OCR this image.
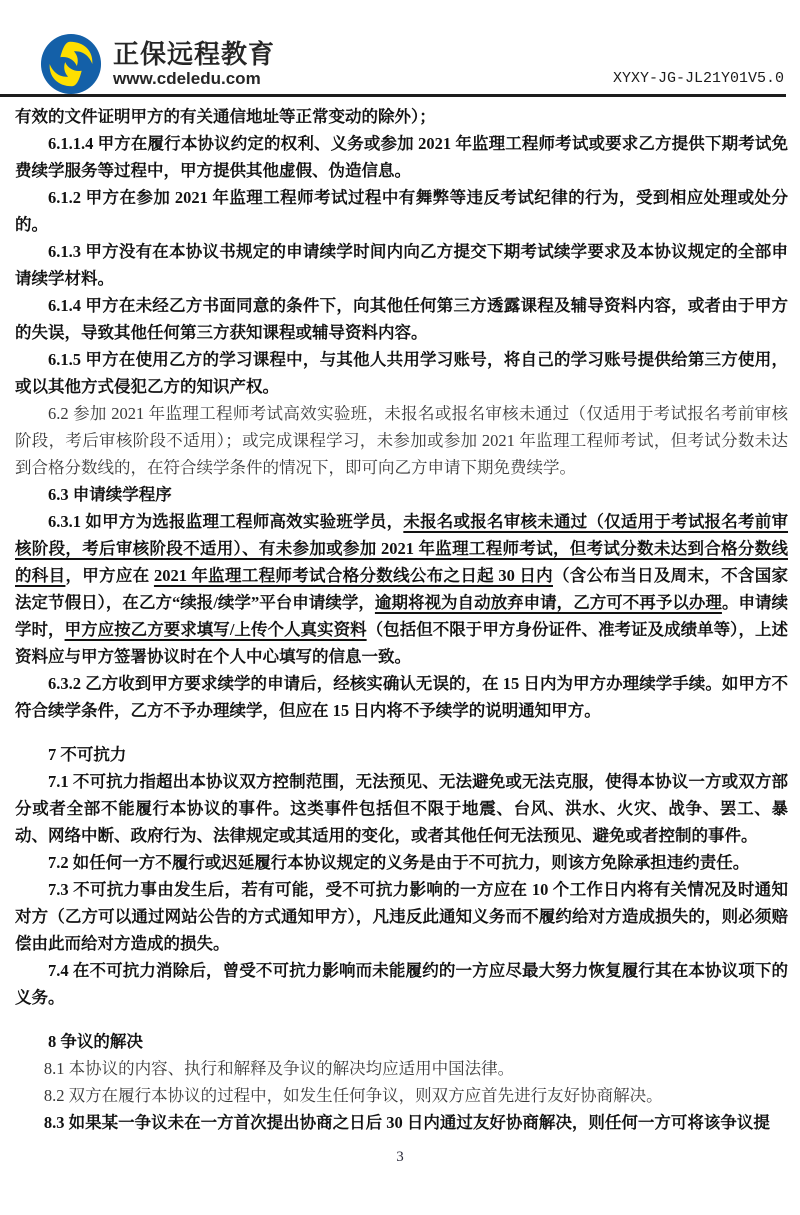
正保远程教育
www.cdeledu.com	XYXY-JG-JL21Y01V5.0

有效的文件证明甲方的有关通信地址等正常变动的除外）；

6.1.1.4 甲方在履行本协议约定的权利、义务或参加 2021 年监理工程师考试或要求乙方提供下期考试免费续学服务等过程中，甲方提供其他虚假、伪造信息。

6.1.2 甲方在参加 2021 年监理工程师考试过程中有舞弊等违反考试纪律的行为，受到相应处理或处分的。

6.1.3 甲方没有在本协议书规定的申请续学时间内向乙方提交下期考试续学要求及本协议规定的全部申请续学材料。

6.1.4 甲方在未经乙方书面同意的条件下，向其他任何第三方透露课程及辅导资料内容，或者由于甲方的失误，导致其他任何第三方获知课程或辅导资料内容。

6.1.5 甲方在使用乙方的学习课程中，与其他人共用学习账号，将自己的学习账号提供给第三方使用，或以其他方式侵犯乙方的知识产权。

6.2 参加 2021 年监理工程师考试高效实验班，未报名或报名审核未通过（仅适用于考试报名考前审核阶段，考后审核阶段不适用）；或完成课程学习，未参加或参加 2021 年监理工程师考试，但考试分数未达到合格分数线的，在符合续学条件的情况下，即可向乙方申请下期免费续学。

6.3 申请续学程序

6.3.1 如甲方为选报监理工程师高效实验班学员，未报名或报名审核未通过（仅适用于考试报名考前审核阶段，考后审核阶段不适用）、有未参加或参加 2021 年监理工程师考试，但考试分数未达到合格分数线的科目，甲方应在 2021 年监理工程师考试合格分数线公布之日起 30 日内（含公布当日及周末，不含国家法定节假日），在乙方“续报/续学”平台申请续学，逾期将视为自动放弃申请，乙方可不再予以办理。申请续学时，甲方应按乙方要求填写/上传个人真实资料（包括但不限于甲方身份证件、准考证及成绩单等），上述资料应与甲方签署协议时在个人中心填写的信息一致。

6.3.2 乙方收到甲方要求续学的申请后，经核实确认无误的，在 15 日内为甲方办理续学手续。如甲方不符合续学条件，乙方不予办理续学，但应在 15 日内将不予续学的说明通知甲方。

7 不可抗力

7.1 不可抗力指超出本协议双方控制范围，无法预见、无法避免或无法克服，使得本协议一方或双方部分或者全部不能履行本协议的事件。这类事件包括但不限于地震、台风、洪水、火灾、战争、罢工、暴动、网络中断、政府行为、法律规定或其适用的变化，或者其他任何无法预见、避免或者控制的事件。

7.2 如任何一方不履行或迟延履行本协议规定的义务是由于不可抗力，则该方免除承担违约责任。

7.3 不可抗力事由发生后，若有可能，受不可抗力影响的一方应在 10 个工作日内将有关情况及时通知对方（乙方可以通过网站公告的方式通知甲方），凡违反此通知义务而不履约给对方造成损失的，则必须赔偿由此而给对方造成的损失。

7.4 在不可抗力消除后，曾受不可抗力影响而未能履约的一方应尽最大努力恢复履行其在本协议项下的义务。

8 争议的解决

8.1 本协议的内容、执行和解释及争议的解决均应适用中国法律。

8.2 双方在履行本协议的过程中，如发生任何争议，则双方应首先进行友好协商解决。

8.3 如果某一争议未在一方首次提出协商之日后 30 日内通过友好协商解决，则任何一方可将该争议提

3
